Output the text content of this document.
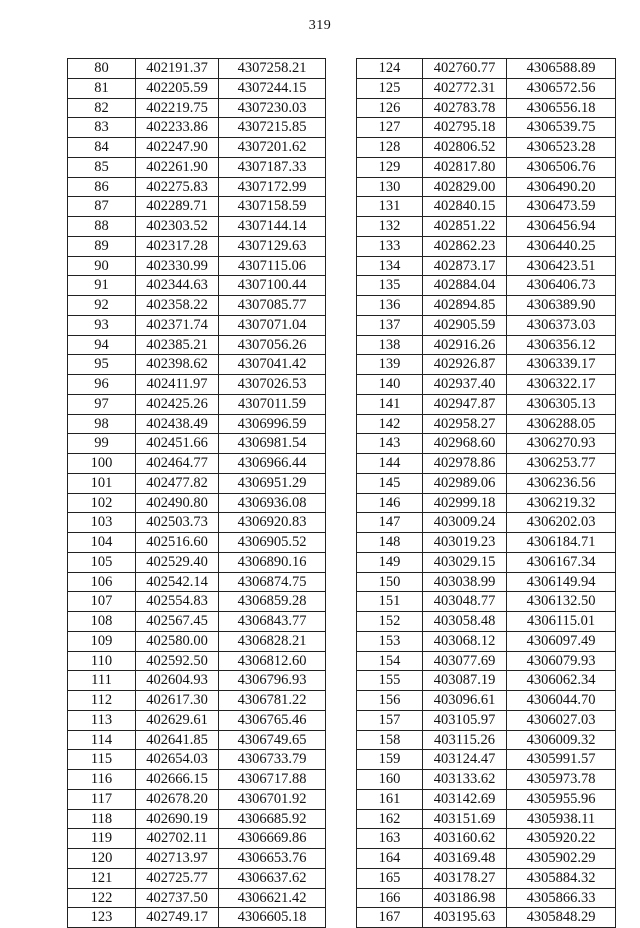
319
80	402191.37	4307258.21
81	402205.59	4307244.15
82	402219.75	4307230.03
83	402233.86	4307215.85
84	402247.90	4307201.62
85	402261.90	4307187.33
86	402275.83	4307172.99
87	402289.71	4307158.59
88	402303.52	4307144.14
89	402317.28	4307129.63
90	402330.99	4307115.06
91	402344.63	4307100.44
92	402358.22	4307085.77
93	402371.74	4307071.04
94	402385.21	4307056.26
95	402398.62	4307041.42
96	402411.97	4307026.53
97	402425.26	4307011.59
98	402438.49	4306996.59
99	402451.66	4306981.54
100	402464.77	4306966.44
101	402477.82	4306951.29
102	402490.80	4306936.08
103	402503.73	4306920.83
104	402516.60	4306905.52
105	402529.40	4306890.16
106	402542.14	4306874.75
107	402554.83	4306859.28
108	402567.45	4306843.77
109	402580.00	4306828.21
110	402592.50	4306812.60
111	402604.93	4306796.93
112	402617.30	4306781.22
113	402629.61	4306765.46
114	402641.85	4306749.65
115	402654.03	4306733.79
116	402666.15	4306717.88
117	402678.20	4306701.92
118	402690.19	4306685.92
119	402702.11	4306669.86
120	402713.97	4306653.76
121	402725.77	4306637.62
122	402737.50	4306621.42
123	402749.17	4306605.18
124	402760.77	4306588.89
125	402772.31	4306572.56
126	402783.78	4306556.18
127	402795.18	4306539.75
128	402806.52	4306523.28
129	402817.80	4306506.76
130	402829.00	4306490.20
131	402840.15	4306473.59
132	402851.22	4306456.94
133	402862.23	4306440.25
134	402873.17	4306423.51
135	402884.04	4306406.73
136	402894.85	4306389.90
137	402905.59	4306373.03
138	402916.26	4306356.12
139	402926.87	4306339.17
140	402937.40	4306322.17
141	402947.87	4306305.13
142	402958.27	4306288.05
143	402968.60	4306270.93
144	402978.86	4306253.77
145	402989.06	4306236.56
146	402999.18	4306219.32
147	403009.24	4306202.03
148	403019.23	4306184.71
149	403029.15	4306167.34
150	403038.99	4306149.94
151	403048.77	4306132.50
152	403058.48	4306115.01
153	403068.12	4306097.49
154	403077.69	4306079.93
155	403087.19	4306062.34
156	403096.61	4306044.70
157	403105.97	4306027.03
158	403115.26	4306009.32
159	403124.47	4305991.57
160	403133.62	4305973.78
161	403142.69	4305955.96
162	403151.69	4305938.11
163	403160.62	4305920.22
164	403169.48	4305902.29
165	403178.27	4305884.32
166	403186.98	4305866.33
167	403195.63	4305848.29
